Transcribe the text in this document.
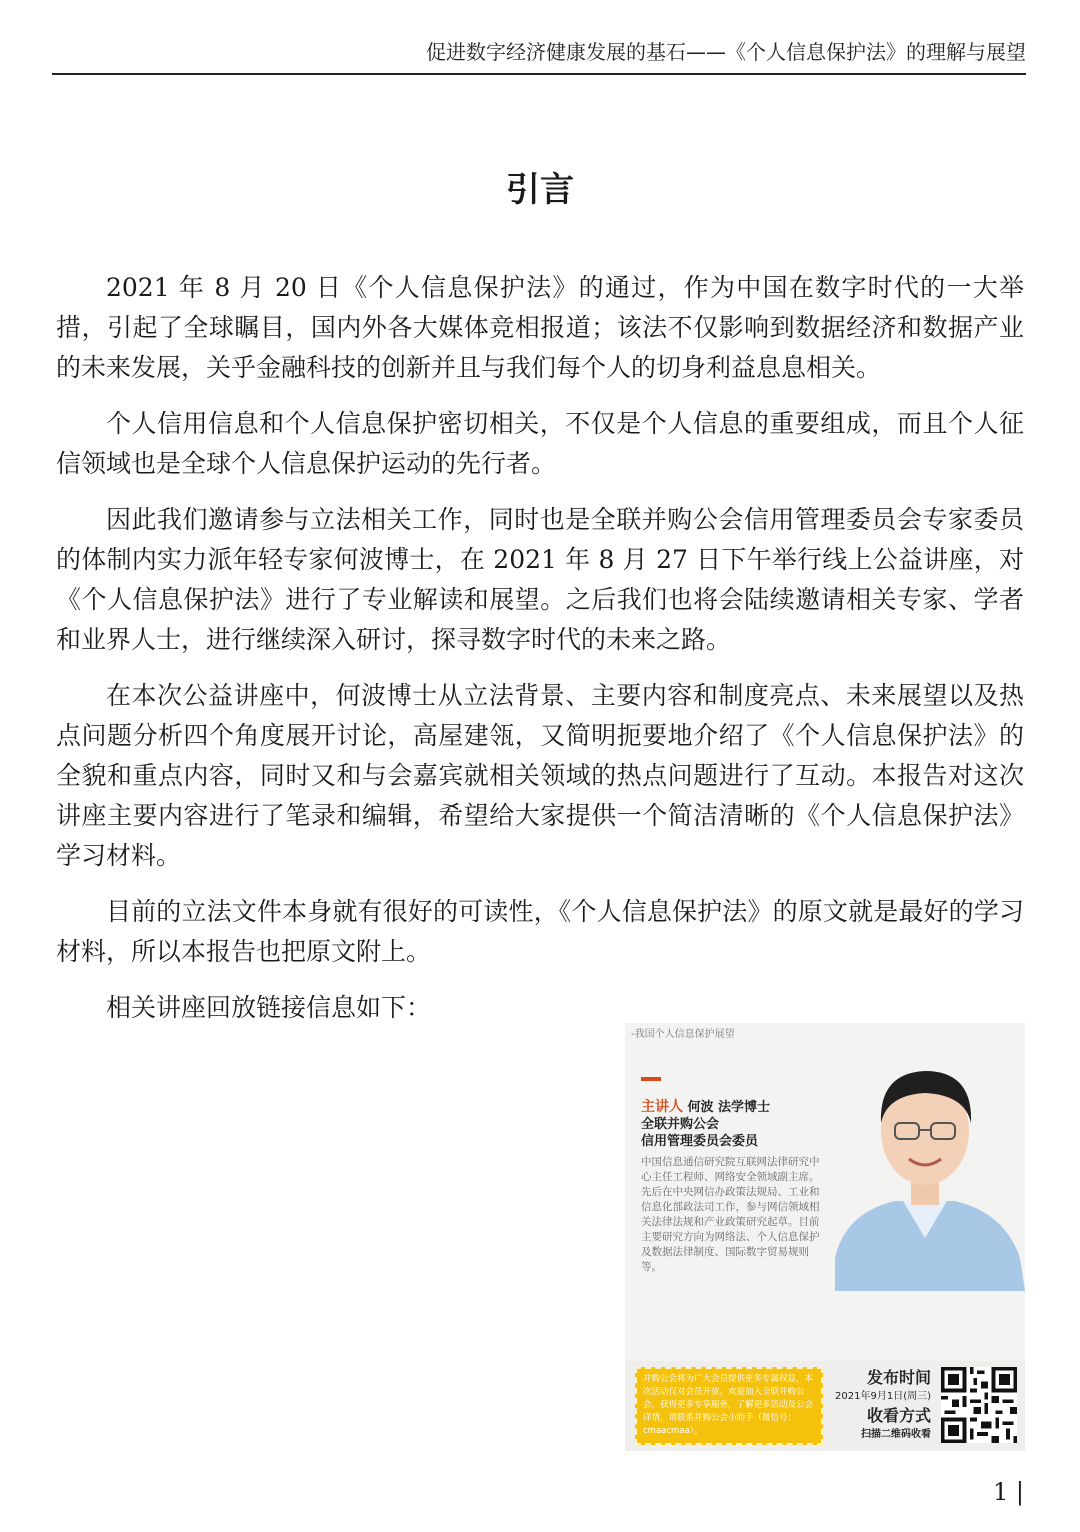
促进数字经济健康发展的基石——《个人信息保护法》的理解与展望
引言

2021 年 8 月 20 日《个人信息保护法》的通过，作为中国在数字时代的一大举措，引起了全球瞩目，国内外各大媒体竞相报道；该法不仅影响到数据经济和数据产业的未来发展，关乎金融科技的创新并且与我们每个人的切身利益息息相关。

个人信用信息和个人信息保护密切相关，不仅是个人信息的重要组成，而且个人征信领域也是全球个人信息保护运动的先行者。

因此我们邀请参与立法相关工作，同时也是全联并购公会信用管理委员会专家委员的体制内实力派年轻专家何波博士，在 2021 年 8 月 27 日下午举行线上公益讲座，对《个人信息保护法》进行了专业解读和展望。之后我们也将会陆续邀请相关专家、学者和业界人士，进行继续深入研讨，探寻数字时代的未来之路。

在本次公益讲座中，何波博士从立法背景、主要内容和制度亮点、未来展望以及热点问题分析四个角度展开讨论，高屋建瓴，又简明扼要地介绍了《个人信息保护法》的全貌和重点内容，同时又和与会嘉宾就相关领域的热点问题进行了互动。本报告对这次讲座主要内容进行了笔录和编辑，希望给大家提供一个简洁清晰的《个人信息保护法》学习材料。

目前的立法文件本身就有很好的可读性，《个人信息保护法》的原文就是最好的学习材料，所以本报告也把原文附上。

相关讲座回放链接信息如下：

-我国个人信息保护展望
主讲人 何波 法学博士
全联并购公会
信用管理委员会委员
中国信息通信研究院互联网法律研究中心主任工程师、网络安全领域副主席。先后在中央网信办政策法规局、工业和信息化部政法司工作，参与网信领域相关法律法规和产业政策研究起草。目前主要研究方向为网络法、个人信息保护及数据法律制度、国际数字贸易规则等。
并购公会将为广大会员提供更多专属权益，本次活动仅对会员开放。欢迎加入全联并购公会，获得更多专享服务，了解更多活动及公会详情，请联系并购公会小助手（微信号：cmaacmaa）。
发布时间
2021年9月1日(周三)
收看方式
扫描二维码收看
1 |
